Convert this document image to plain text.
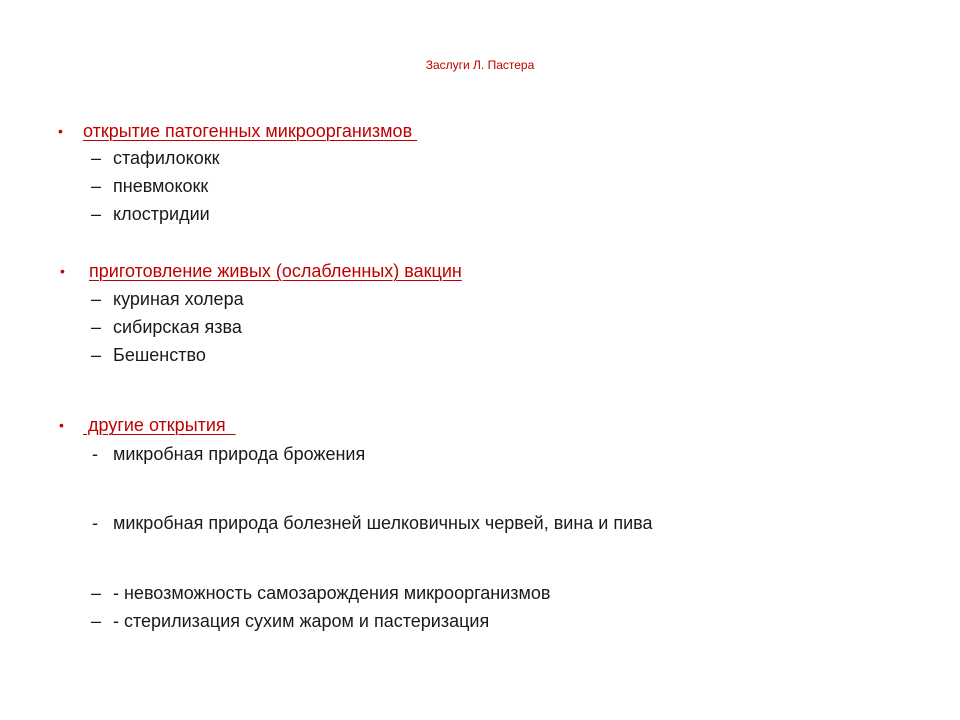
Заслуги Л. Пастера
• открытие патогенных микроорганизмов
– стафилококк
– пневмококк
– клостридии
• приготовление живых (ослабленных) вакцин
– куриная холера
– сибирская язва
– Бешенство
• другие открытия
- микробная природа брожения
- микробная природа болезней шелковичных червей, вина и пива
– - невозможность самозарождения микроорганизмов
– - стерилизация сухим жаром и пастеризация
